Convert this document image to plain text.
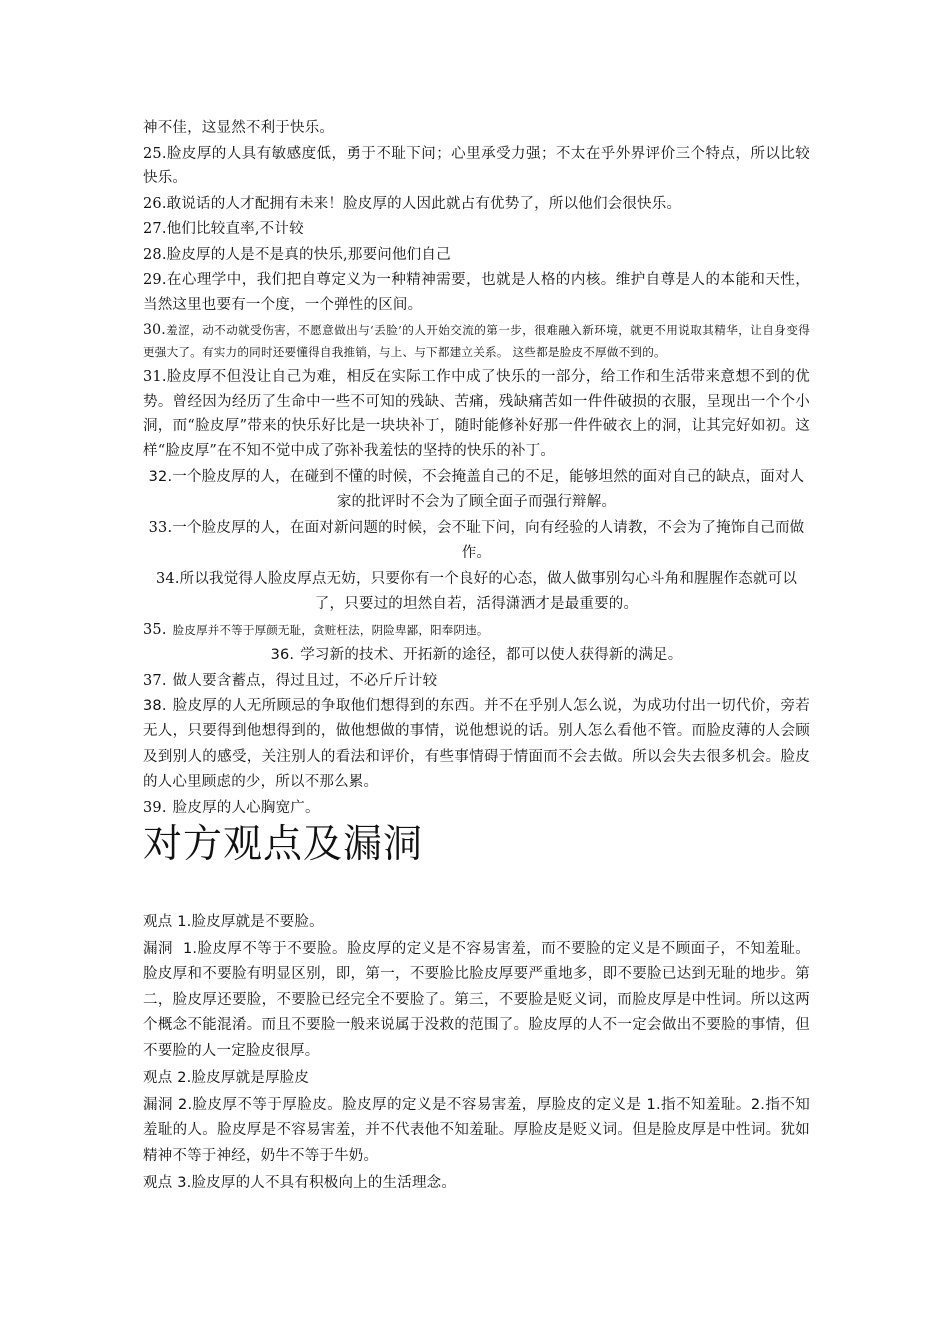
神不佳，这显然不利于快乐。

25.脸皮厚的人具有敏感度低，勇于不耻下问；心里承受力强；不太在乎外界评价三个特点，所以比较快乐。

26.敢说话的人才配拥有未来！脸皮厚的人因此就占有优势了，所以他们会很快乐。

27.他们比较直率,不计较

28.脸皮厚的人是不是真的快乐,那要问他们自己

29.在心理学中，我们把自尊定义为一种精神需要，也就是人格的内核。维护自尊是人的本能和天性，当然这里也要有一个度，一个弹性的区间。

30.羞涩，动不动就受伤害，不愿意做出与‘丢脸’的人开始交流的第一步，很难融入新环境，就更不用说取其精华，让自身变得更强大了。有实力的同时还要懂得自我推销，与上、与下都建立关系。 这些都是脸皮不厚做不到的。

31.脸皮厚不但没让自己为难，相反在实际工作中成了快乐的一部分，给工作和生活带来意想不到的优势。曾经因为经历了生命中一些不可知的残缺、苦痛，残缺痛苦如一件件破损的衣服，呈现出一个个小洞，而“脸皮厚”带来的快乐好比是一块块补丁，随时能修补好那一件件破衣上的洞，让其完好如初。这样“脸皮厚”在不知不觉中成了弥补我羞怯的坚持的快乐的补丁。

32.一个脸皮厚的人，在碰到不懂的时候，不会掩盖自己的不足，能够坦然的面对自己的缺点，面对人家的批评时不会为了顾全面子而强行辩解。

33.一个脸皮厚的人，在面对新问题的时候，会不耻下问，向有经验的人请教，不会为了掩饰自己而做作。

34.所以我觉得人脸皮厚点无妨，只要你有一个良好的心态，做人做事别勾心斗角和腥腥作态就可以了，只要过的坦然自若，活得潇洒才是最重要的。

35. 脸皮厚并不等于厚颜无耻，贪赃枉法，阴险卑鄙，阳奉阴违。

36. 学习新的技术、开拓新的途径，都可以使人获得新的满足。

37. 做人要含蓄点，得过且过，不必斤斤计较

38. 脸皮厚的人无所顾忌的争取他们想得到的东西。并不在乎别人怎么说，为成功付出一切代价，旁若无人，只要得到他想得到的，做他想做的事情，说他想说的话。别人怎么看他不管。而脸皮薄的人会顾及到别人的感受，关注别人的看法和评价，有些事情碍于情面而不会去做。所以会失去很多机会。脸皮的人心里顾虑的少，所以不那么累。

39. 脸皮厚的人心胸宽广。

对方观点及漏洞

观点 1.脸皮厚就是不要脸。

漏洞  1.脸皮厚不等于不要脸。脸皮厚的定义是不容易害羞，而不要脸的定义是不顾面子，不知羞耻。脸皮厚和不要脸有明显区别，即，第一，不要脸比脸皮厚要严重地多，即不要脸已达到无耻的地步。第二，脸皮厚还要脸，不要脸已经完全不要脸了。第三，不要脸是贬义词，而脸皮厚是中性词。所以这两个概念不能混淆。而且不要脸一般来说属于没救的范围了。脸皮厚的人不一定会做出不要脸的事情，但不要脸的人一定脸皮很厚。

观点 2.脸皮厚就是厚脸皮

漏洞 2.脸皮厚不等于厚脸皮。脸皮厚的定义是不容易害羞，厚脸皮的定义是 1.指不知羞耻。2.指不知羞耻的人。脸皮厚是不容易害羞，并不代表他不知羞耻。厚脸皮是贬义词。但是脸皮厚是中性词。犹如精神不等于神经，奶牛不等于牛奶。

观点 3.脸皮厚的人不具有积极向上的生活理念。
